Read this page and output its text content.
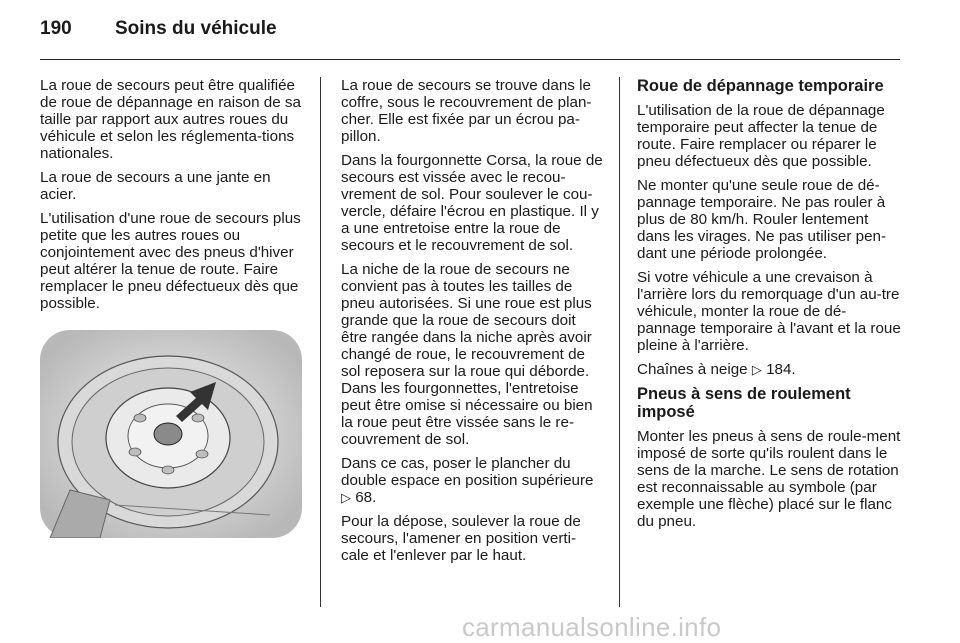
190	Soins du véhicule

La roue de secours peut être qualifiée de roue de dépannage en raison de sa taille par rapport aux autres roues du véhicule et selon les réglementa-tions nationales.

La roue de secours a une jante en acier.

L'utilisation d'une roue de secours plus petite que les autres roues ou conjointement avec des pneus d'hiver peut altérer la tenue de route. Faire remplacer le pneu défectueux dès que possible.

La roue de secours se trouve dans le coffre, sous le recouvrement de plan-cher. Elle est fixée par un écrou pa-pillon.

Dans la fourgonnette Corsa, la roue de secours est vissée avec le recou-vrement de sol. Pour soulever le cou-vercle, défaire l'écrou en plastique. Il y a une entretoise entre la roue de secours et le recouvrement de sol.

La niche de la roue de secours ne convient pas à toutes les tailles de pneu autorisées. Si une roue est plus grande que la roue de secours doit être rangée dans la niche après avoir changé de roue, le recouvrement de sol reposera sur la roue qui déborde. Dans les fourgonnettes, l'entretoise peut être omise si nécessaire ou bien la roue peut être vissée sans le re-couvrement de sol.

Dans ce cas, poser le plancher du double espace en position supérieure
▷ 68.

Pour la dépose, soulever la roue de secours, l'amener en position verti-cale et l'enlever par le haut.

Roue de dépannage temporaire

L'utilisation de la roue de dépannage temporaire peut affecter la tenue de route. Faire remplacer ou réparer le pneu défectueux dès que possible.

Ne monter qu'une seule roue de dé-pannage temporaire. Ne pas rouler à plus de 80 km/h. Rouler lentement dans les virages. Ne pas utiliser pen-dant une période prolongée.

Si votre véhicule a une crevaison à l'arrière lors du remorquage d'un au-tre véhicule, monter la roue de dé-pannage temporaire à l'avant et la roue pleine à l'arrière.

Chaînes à neige ▷ 184.

Pneus à sens de roulement imposé

Monter les pneus à sens de roule-ment imposé de sorte qu'ils roulent dans le sens de la marche. Le sens de rotation est reconnaissable au symbole (par exemple une flèche) placé sur le flanc du pneu.

carmanualsonline.info
